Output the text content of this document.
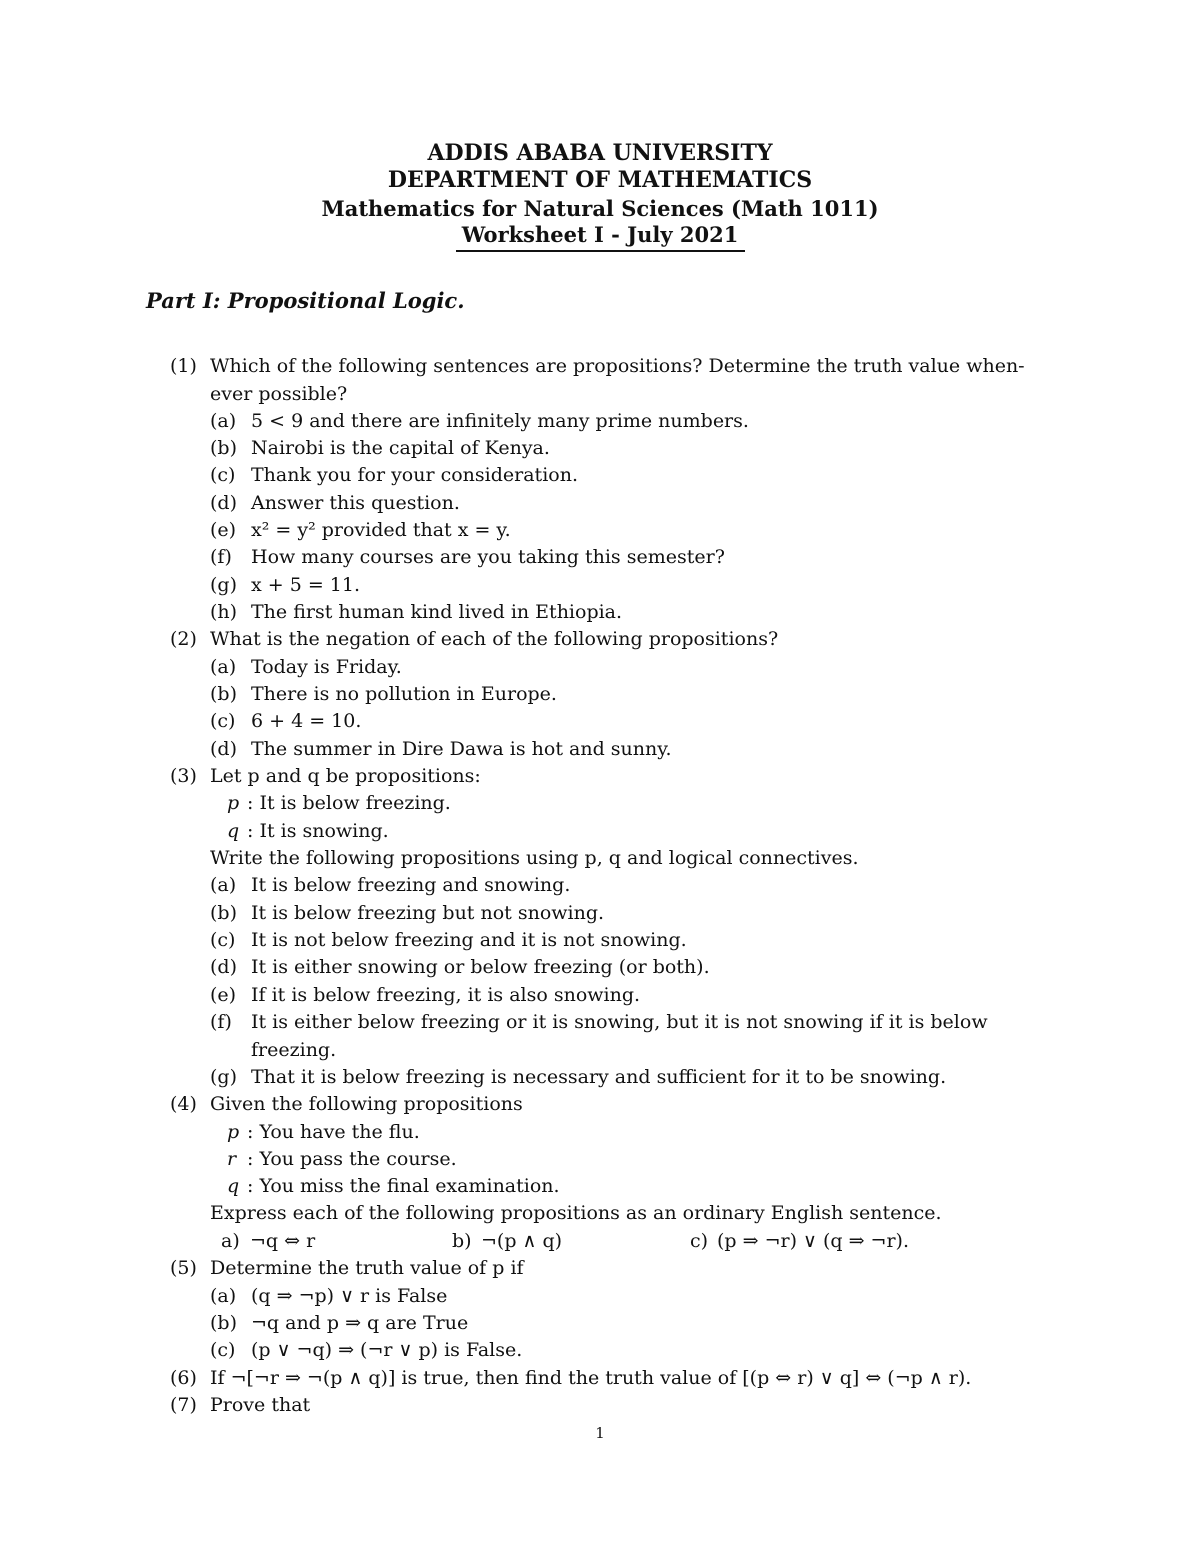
ADDIS ABABA UNIVERSITY
DEPARTMENT OF MATHEMATICS
Mathematics for Natural Sciences (Math 1011)
Worksheet I - July 2021
Part I: Propositional Logic.
(1) Which of the following sentences are propositions? Determine the truth value when-
ever possible?
(a) 5 < 9 and there are infinitely many prime numbers.
(b) Nairobi is the capital of Kenya.
(c) Thank you for your consideration.
(d) Answer this question.
(e) x² = y² provided that x = y.
(f) How many courses are you taking this semester?
(g) x + 5 = 11.
(h) The first human kind lived in Ethiopia.
(2) What is the negation of each of the following propositions?
(a) Today is Friday.
(b) There is no pollution in Europe.
(c) 6 + 4 = 10.
(d) The summer in Dire Dawa is hot and sunny.
(3) Let p and q be propositions:
p : It is below freezing.
q : It is snowing.
Write the following propositions using p, q and logical connectives.
(a) It is below freezing and snowing.
(b) It is below freezing but not snowing.
(c) It is not below freezing and it is not snowing.
(d) It is either snowing or below freezing (or both).
(e) If it is below freezing, it is also snowing.
(f) It is either below freezing or it is snowing, but it is not snowing if it is below
freezing.
(g) That it is below freezing is necessary and sufficient for it to be snowing.
(4) Given the following propositions
p : You have the flu.
r : You pass the course.
q : You miss the final examination.
Express each of the following propositions as an ordinary English sentence.
a) ¬q ⇔ r	b) ¬(p ∧ q)	c) (p ⇒ ¬r) ∨ (q ⇒ ¬r).
(5) Determine the truth value of p if
(a) (q ⇒ ¬p) ∨ r is False
(b) ¬q and p ⇒ q are True
(c) (p ∨ ¬q) ⇒ (¬r ∨ p) is False.
(6) If ¬[¬r ⇒ ¬(p ∧ q)] is true, then find the truth value of [(p ⇔ r) ∨ q] ⇔ (¬p ∧ r).
(7) Prove that
1
